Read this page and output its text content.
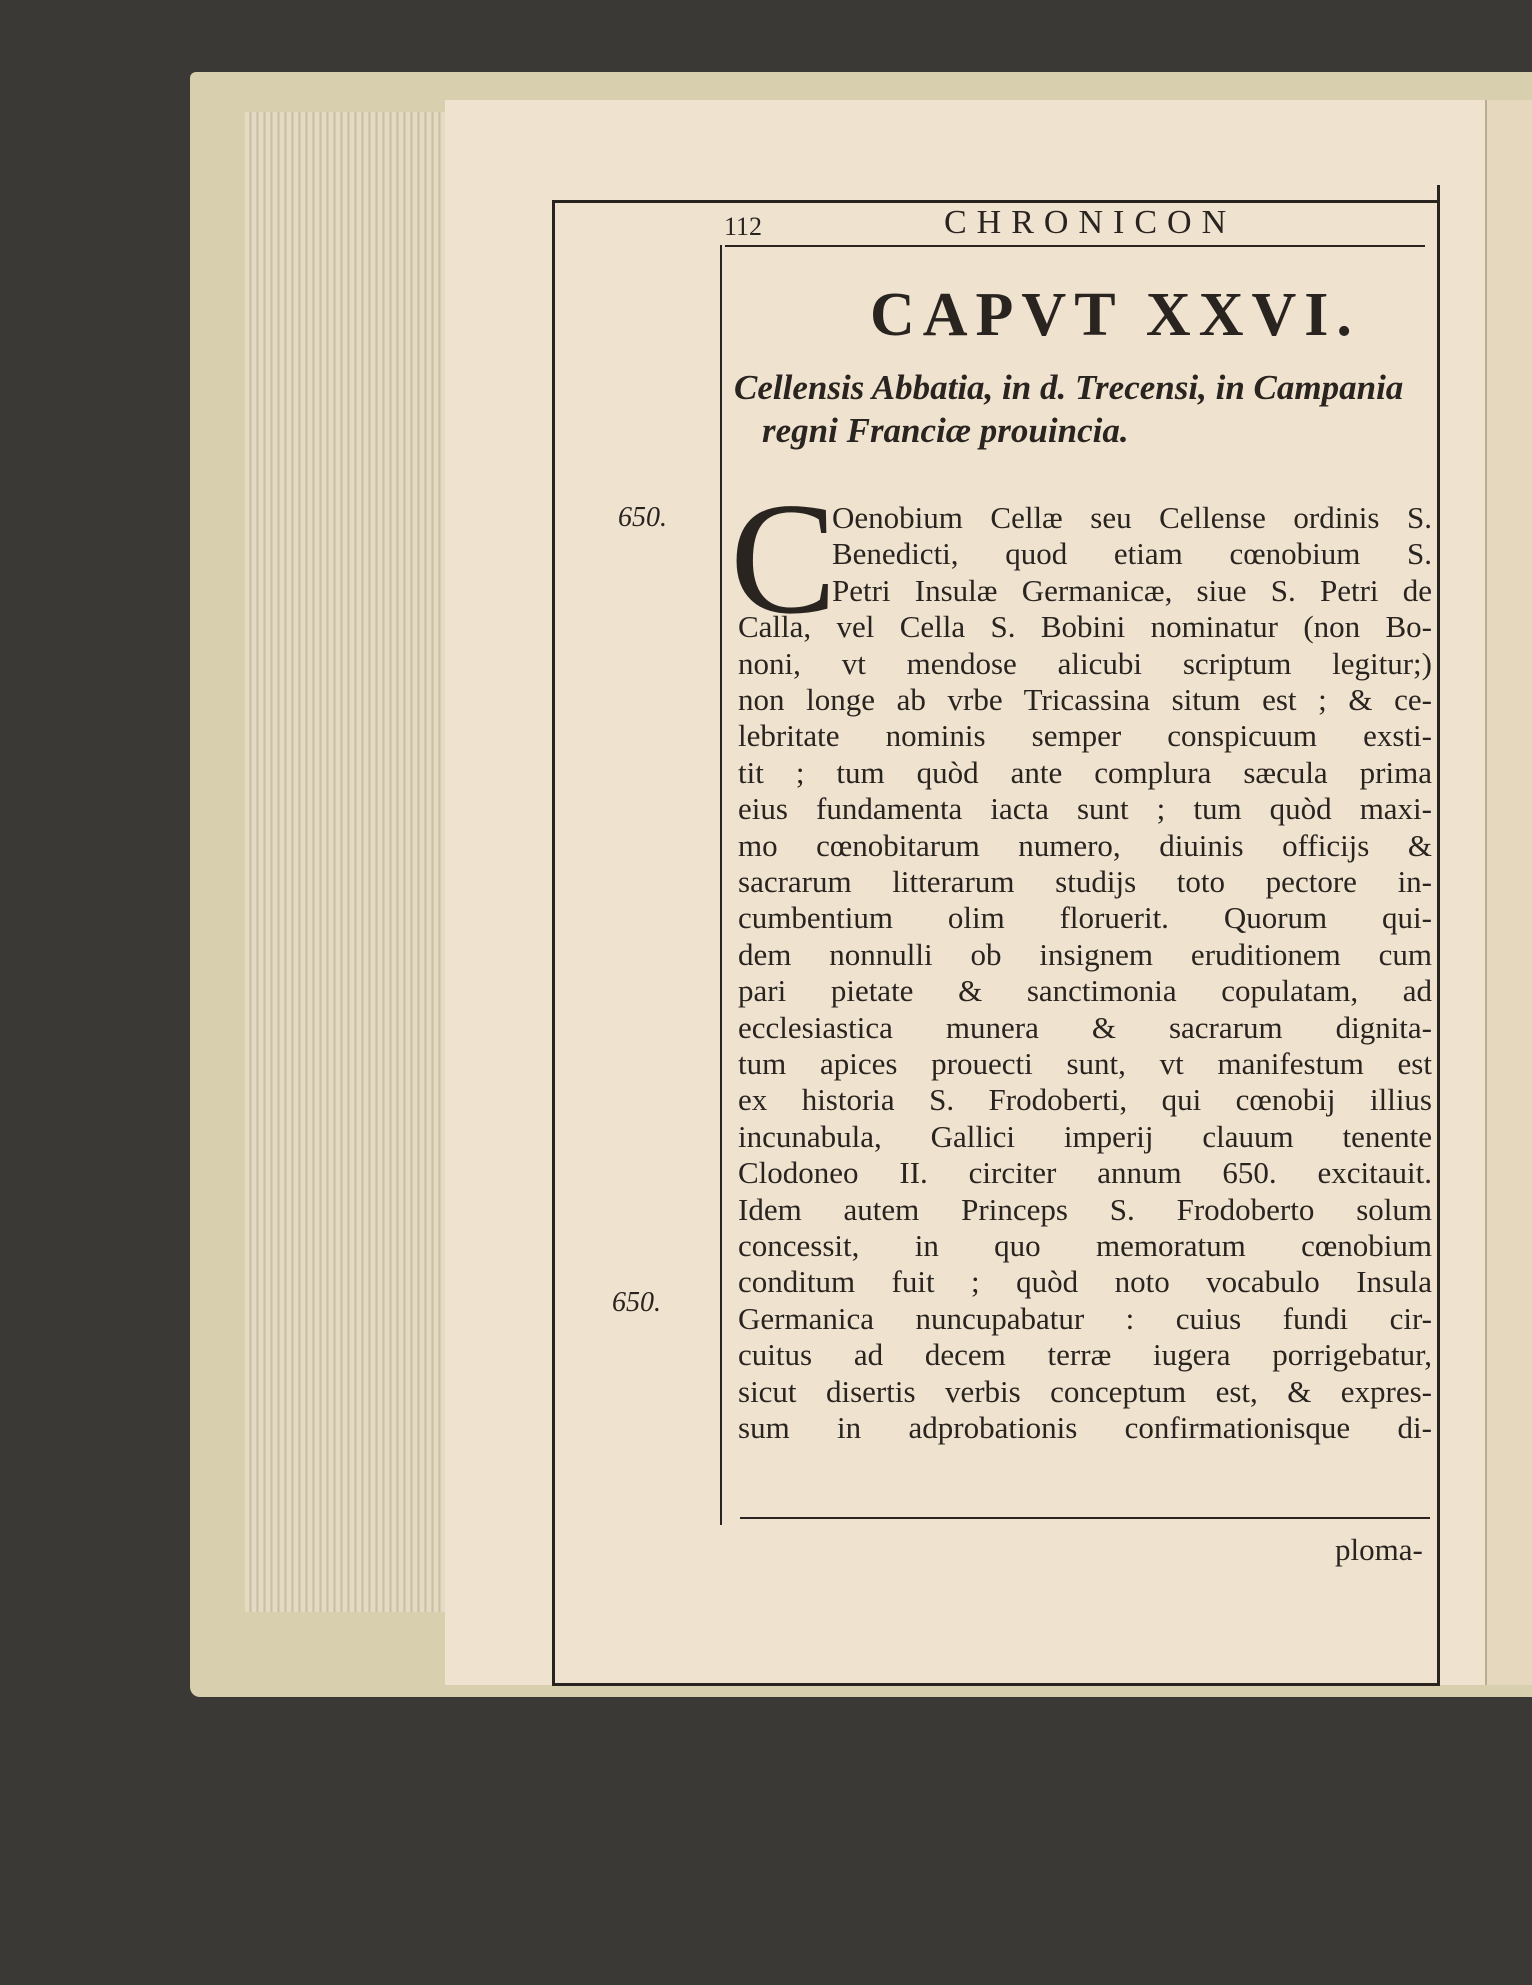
112	CHRONICON
CAPVT XXVI.
Cellensis Abbatia, in d. Trecensi, in Campania
regni Franciæ prouincia.
650.
650.
C
Oenobium Cellæ seu Cellense ordinis S.
Benedicti, quod etiam cœnobium S.
Petri Insulæ Germanicæ, siue S. Petri de
Calla, vel Cella S. Bobini nominatur (non Bo-
noni, vt mendose alicubi scriptum legitur;)
non longe ab vrbe Tricassina situm est ; & ce-
lebritate nominis semper conspicuum exsti-
tit ; tum quòd ante complura sæcula prima
eius fundamenta iacta sunt ; tum quòd maxi-
mo cœnobitarum numero, diuinis officijs &
sacrarum litterarum studijs toto pectore in-
cumbentium olim floruerit. Quorum qui-
dem nonnulli ob insignem eruditionem cum
pari pietate & sanctimonia copulatam, ad
ecclesiastica munera & sacrarum dignita-
tum apices prouecti sunt, vt manifestum est
ex historia S. Frodoberti, qui cœnobij illius
incunabula, Gallici imperij clauum tenente
Clodoneo II. circiter annum 650. excitauit.
Idem autem Princeps S. Frodoberto solum
concessit, in quo memoratum cœnobium
conditum fuit ; quòd noto vocabulo Insula
Germanica nuncupabatur : cuius fundi cir-
cuitus ad decem terræ iugera porrigebatur,
sicut disertis verbis conceptum est, & expres-
sum in adprobationis confirmationisque di-
ploma-
